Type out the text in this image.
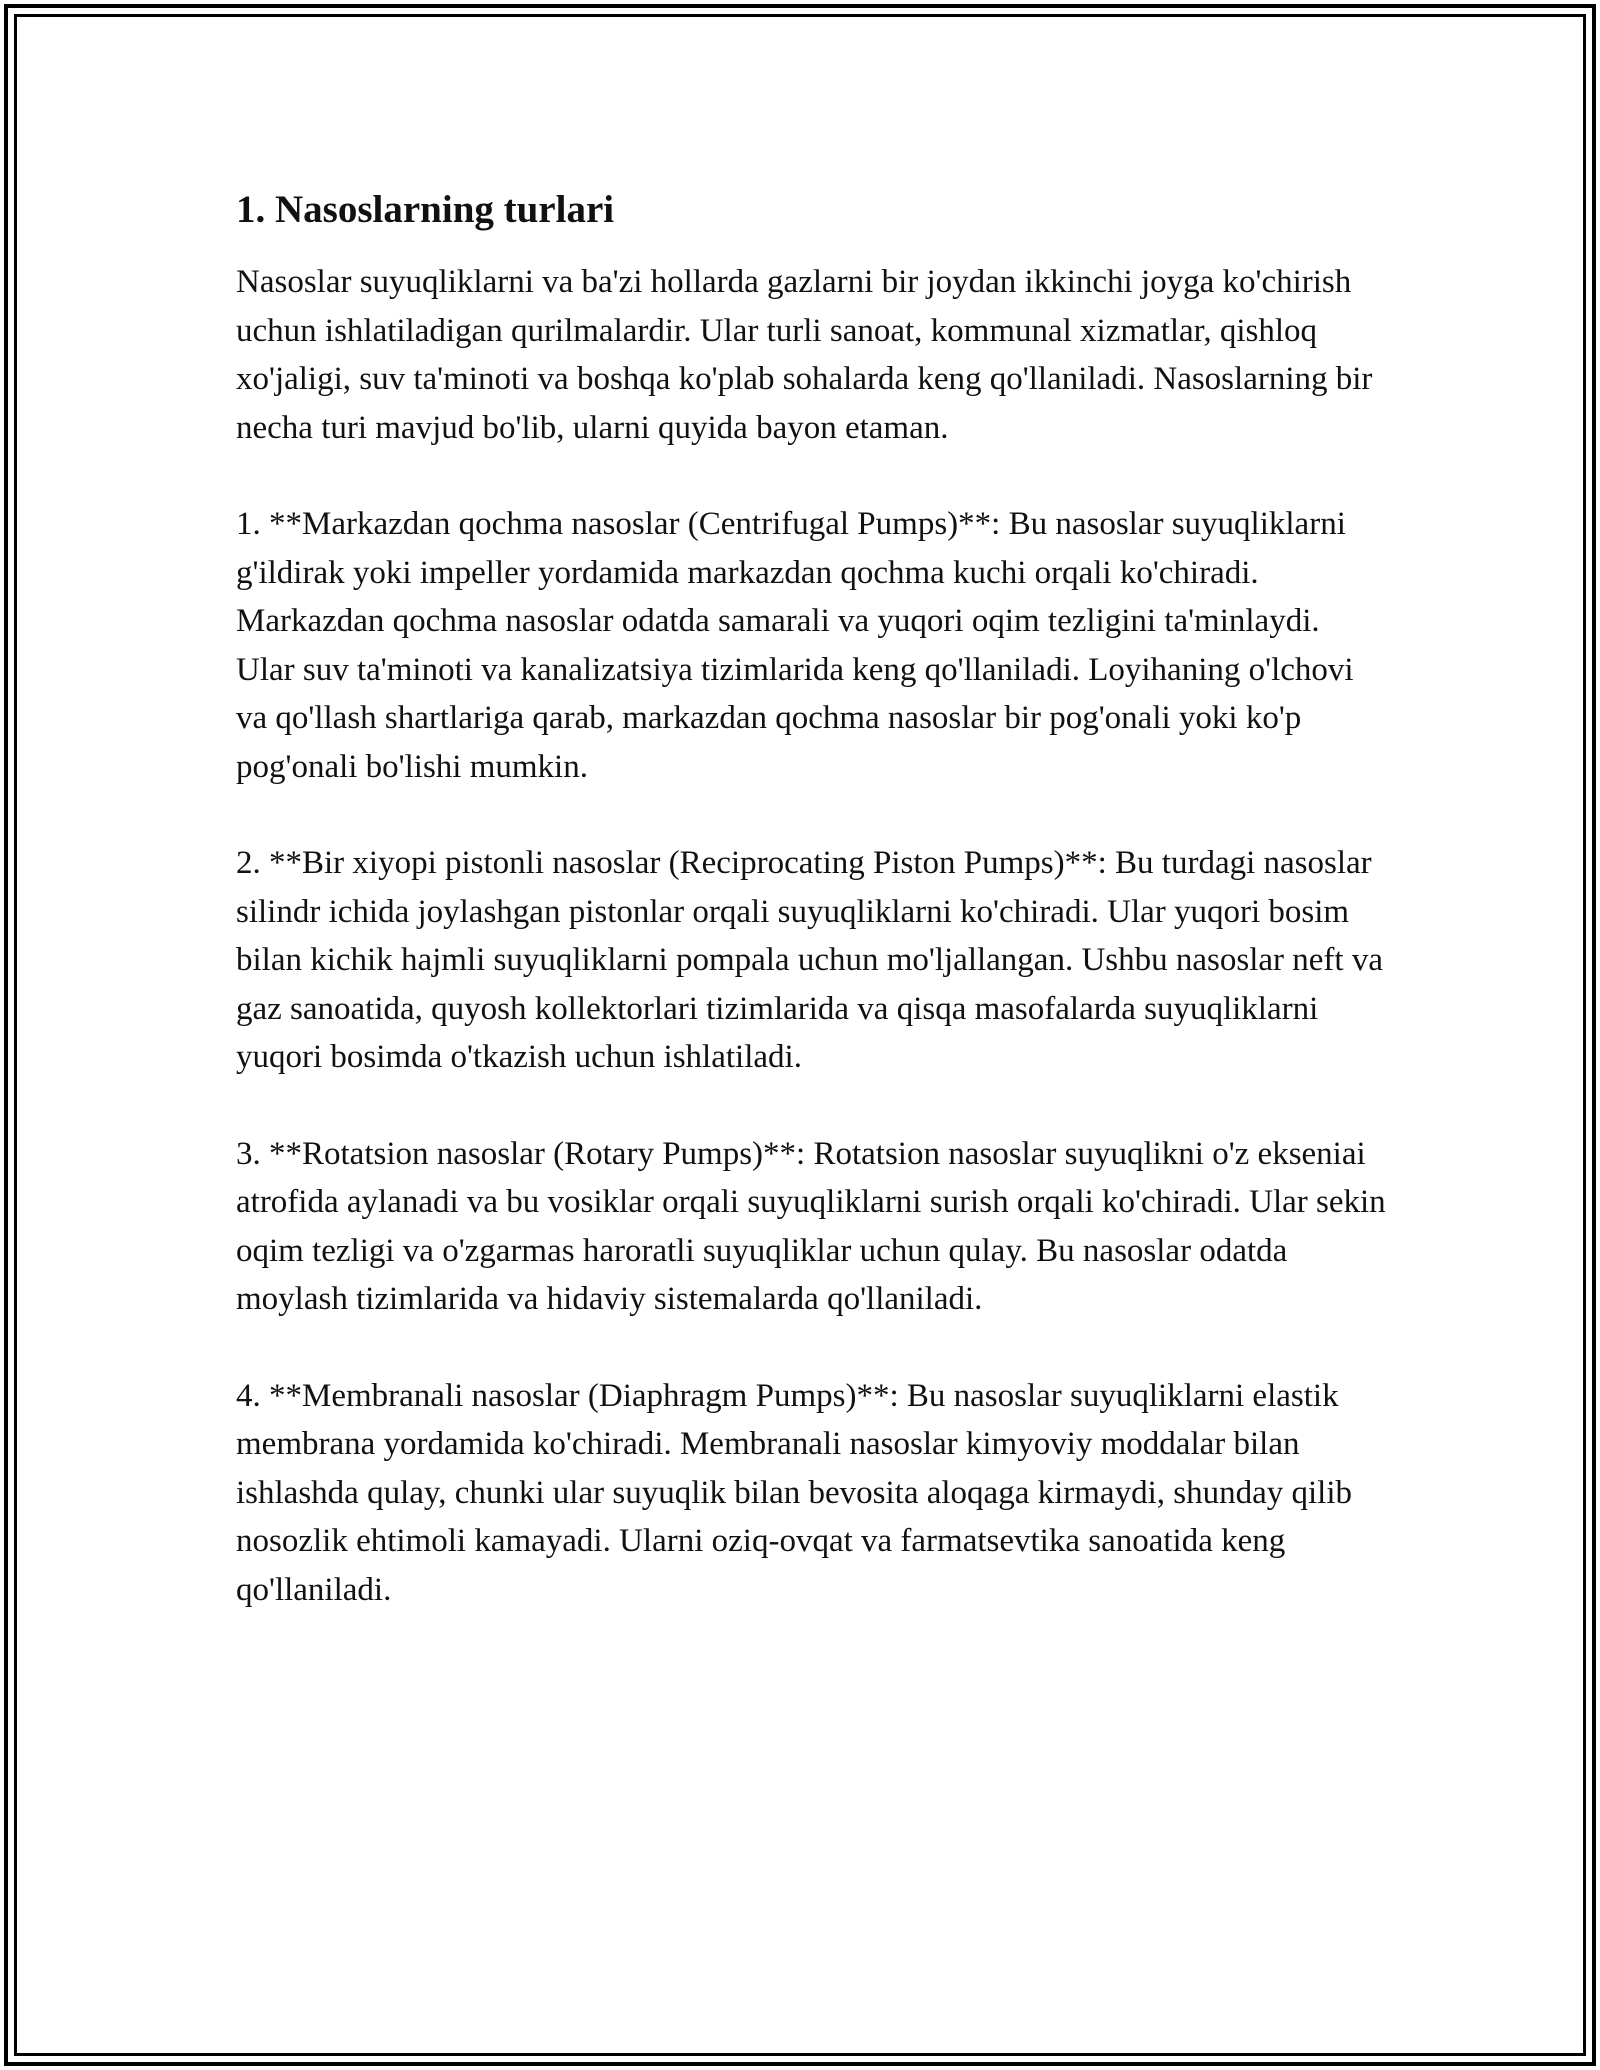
1. Nasoslarning turlari

Nasoslar suyuqliklarni va ba'zi hollarda gazlarni bir joydan ikkinchi joyga ko'chirish uchun ishlatiladigan qurilmalardir. Ular turli sanoat, kommunal xizmatlar, qishloq xo'jaligi, suv ta'minoti va boshqa ko'plab sohalarda keng qo'llaniladi. Nasoslarning bir necha turi mavjud bo'lib, ularni quyida bayon etaman.

1. **Markazdan qochma nasoslar (Centrifugal Pumps)**: Bu nasoslar suyuqliklarni g'ildirak yoki impeller yordamida markazdan qochma kuchi orqali ko'chiradi. Markazdan qochma nasoslar odatda samarali va yuqori oqim tezligini ta'minlaydi. Ular suv ta'minoti va kanalizatsiya tizimlarida keng qo'llaniladi. Loyihaning o'lchovi va qo'llash shartlariga qarab, markazdan qochma nasoslar bir pog'onali yoki ko'p pog'onali bo'lishi mumkin.

2. **Bir xiyopi pistonli nasoslar (Reciprocating Piston Pumps)**: Bu turdagi nasoslar silindr ichida joylashgan pistonlar orqali suyuqliklarni ko'chiradi. Ular yuqori bosim bilan kichik hajmli suyuqliklarni pompala uchun mo'ljallangan. Ushbu nasoslar neft va gaz sanoatida, quyosh kollektorlari tizimlarida va qisqa masofalarda suyuqliklarni yuqori bosimda o'tkazish uchun ishlatiladi.

3. **Rotatsion nasoslar (Rotary Pumps)**: Rotatsion nasoslar suyuqlikni o'z ekseniai atrofida aylanadi va bu vosiklar orqali suyuqliklarni surish orqali ko'chiradi. Ular sekin oqim tezligi va o'zgarmas haroratli suyuqliklar uchun qulay. Bu nasoslar odatda moylash tizimlarida va hidaviy sistemalarda qo'llaniladi.

4. **Membranali nasoslar (Diaphragm Pumps)**: Bu nasoslar suyuqliklarni elastik membrana yordamida ko'chiradi. Membranali nasoslar kimyoviy moddalar bilan ishlashda qulay, chunki ular suyuqlik bilan bevosita aloqaga kirmaydi, shunday qilib nosozlik ehtimoli kamayadi. Ularni oziq-ovqat va farmatsevtika sanoatida keng qo'llaniladi.
